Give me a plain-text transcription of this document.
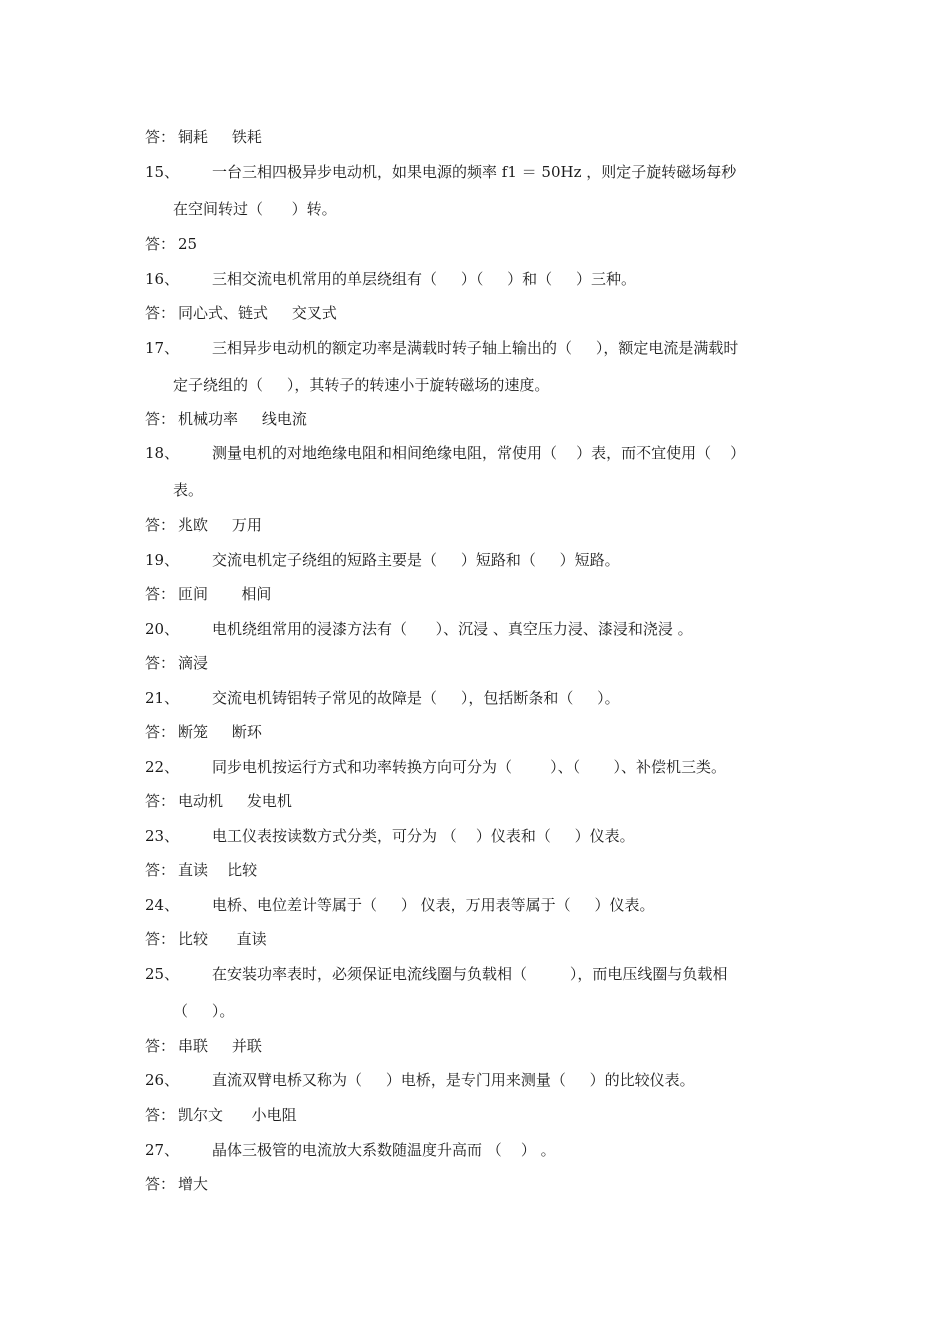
答： 铜耗     铁耗
15、 一台三相四极异步电动机，如果电源的频率 f1 ＝ 50Hz ，则定子旋转磁场每秒
在空间转过（      ）转。
答： 25
16、 三相交流电机常用的单层绕组有（     ）（     ）和（     ）三种。
答： 同心式、链式     交叉式
17、 三相异步电动机的额定功率是满载时转子轴上输出的（     ），额定电流是满载时
定子绕组的（     ），其转子的转速小于旋转磁场的速度。
答： 机械功率     线电流
18、 测量电机的对地绝缘电阻和相间绝缘电阻，常使用（    ）表，而不宜使用（    ）
表。
答： 兆欧     万用
19、 交流电机定子绕组的短路主要是（     ）短路和（     ）短路。
答： 匝间       相间
20、 电机绕组常用的浸漆方法有（      ）、沉浸 、真空压力浸、漆浸和浇浸 。
答： 滴浸
21、 交流电机铸铝转子常见的故障是（     ），包括断条和（     ）。
答： 断笼     断环
22、 同步电机按运行方式和功率转换方向可分为（        ）、（       ）、补偿机三类。
答： 电动机     发电机
23、 电工仪表按读数方式分类，可分为 （    ）仪表和（     ）仪表。
答： 直读    比较
24、 电桥、电位差计等属于（     ） 仪表，万用表等属于（     ）仪表。
答： 比较      直读
25、 在安装功率表时，必须保证电流线圈与负载相（         ），而电压线圈与负载相
（     ）。
答： 串联     并联
26、 直流双臂电桥又称为（     ）电桥，是专门用来测量（     ）的比较仪表。
答： 凯尔文      小电阻
27、 晶体三极管的电流放大系数随温度升高而 （    ） 。
答： 增大
